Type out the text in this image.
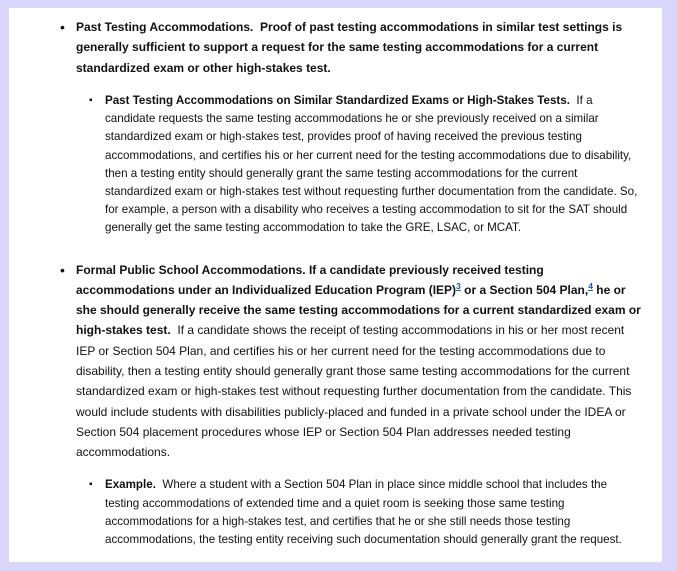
• Past Testing Accommodations. Proof of past testing accommodations in similar test settings is generally sufficient to support a request for the same testing accommodations for a current standardized exam or other high-stakes test.
▪ Past Testing Accommodations on Similar Standardized Exams or High-Stakes Tests. If a candidate requests the same testing accommodations he or she previously received on a similar standardized exam or high-stakes test, provides proof of having received the previous testing accommodations, and certifies his or her current need for the testing accommodations due to disability, then a testing entity should generally grant the same testing accommodations for the current standardized exam or high-stakes test without requesting further documentation from the candidate. So, for example, a person with a disability who receives a testing accommodation to sit for the SAT should generally get the same testing accommodation to take the GRE, LSAC, or MCAT.
• Formal Public School Accommodations. If a candidate previously received testing accommodations under an Individualized Education Program (IEP)$^3$ or a Section 504 Plan,$^4$ he or she should generally receive the same testing accommodations for a current standardized exam or high-stakes test. If a candidate shows the receipt of testing accommodations in his or her most recent IEP or Section 504 Plan, and certifies his or her current need for the testing accommodations due to disability, then a testing entity should generally grant those same testing accommodations for the current standardized exam or high-stakes test without requesting further documentation from the candidate. This would include students with disabilities publicly-placed and funded in a private school under the IDEA or Section 504 placement procedures whose IEP or Section 504 Plan addresses needed testing accommodations.
▪ Example. Where a student with a Section 504 Plan in place since middle school that includes the testing accommodations of extended time and a quiet room is seeking those same testing accommodations for a high-stakes test, and certifies that he or she still needs those testing accommodations, the testing entity receiving such documentation should generally grant the request.
